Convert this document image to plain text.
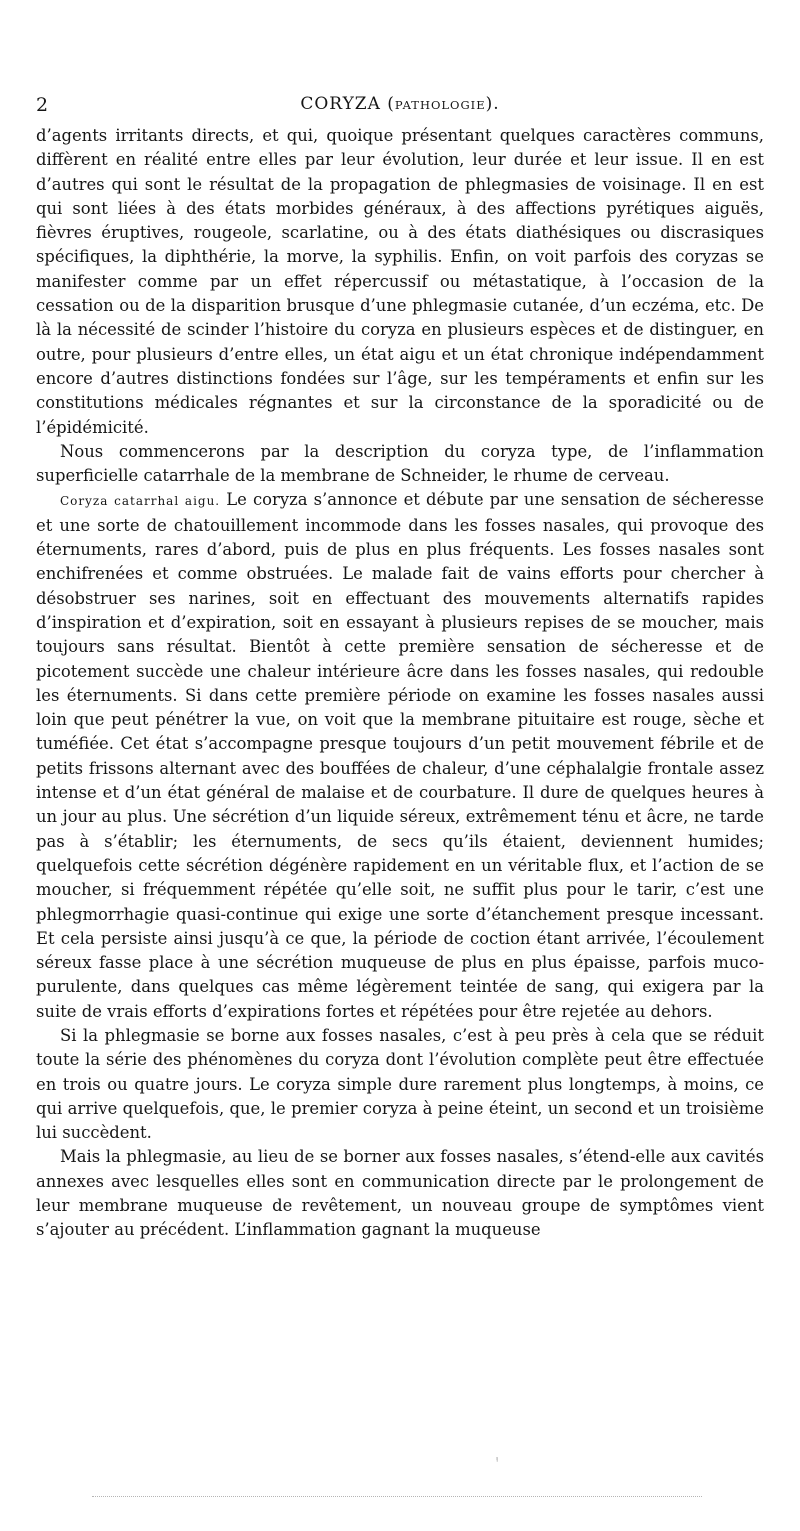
2	CORYZA (PATHOLOGIE).

d’agents irritants directs, et qui, quoique présentant quelques caractères communs, diffèrent en réalité entre elles par leur évolution, leur durée et leur issue. Il en est d’autres qui sont le résultat de la propagation de phlegmasies de voisinage. Il en est qui sont liées à des états morbides généraux, à des affections pyrétiques aiguës, fièvres éruptives, rougeole, scarlatine, ou à des états diathésiques ou discrasiques spécifiques, la diphthérie, la morve, la syphilis. Enfin, on voit parfois des coryzas se manifester comme par un effet répercussif ou métastatique, à l’occasion de la cessation ou de la disparition brusque d’une phlegmasie cutanée, d’un eczéma, etc. De là la nécessité de scinder l’histoire du coryza en plusieurs espèces et de distinguer, en outre, pour plusieurs d’entre elles, un état aigu et un état chronique indépendamment encore d’autres distinctions fondées sur l’âge, sur les tempéraments et enfin sur les constitutions médicales régnantes et sur la circonstance de la sporadicité ou de l’épidémicité.

Nous commencerons par la description du coryza type, de l’inflammation superficielle catarrhale de la membrane de Schneider, le rhume de cerveau.

Coryza catarrhal aigu. Le coryza s’annonce et débute par une sensation de sécheresse et une sorte de chatouillement incommode dans les fosses nasales, qui provoque des éternuments, rares d’abord, puis de plus en plus fréquents. Les fosses nasales sont enchifrenées et comme obstruées. Le malade fait de vains efforts pour chercher à désobstruer ses narines, soit en effectuant des mouvements alternatifs rapides d’inspiration et d’expiration, soit en essayant à plusieurs repises de se moucher, mais toujours sans résultat. Bientôt à cette première sensation de sécheresse et de picotement succède une chaleur intérieure âcre dans les fosses nasales, qui redouble les éternuments. Si dans cette première période on examine les fosses nasales aussi loin que peut pénétrer la vue, on voit que la membrane pituitaire est rouge, sèche et tuméfiée. Cet état s’accompagne presque toujours d’un petit mouvement fébrile et de petits frissons alternant avec des bouffées de chaleur, d’une céphalalgie frontale assez intense et d’un état général de malaise et de courbature. Il dure de quelques heures à un jour au plus. Une sécrétion d’un liquide séreux, extrêmement ténu et âcre, ne tarde pas à s’établir; les éternuments, de secs qu’ils étaient, deviennent humides; quelquefois cette sécrétion dégénère rapidement en un véritable flux, et l’action de se moucher, si fréquemment répétée qu’elle soit, ne suffit plus pour le tarir, c’est une phlegmorrhagie quasi-continue qui exige une sorte d’étanchement presque incessant. Et cela persiste ainsi jusqu’à ce que, la période de coction étant arrivée, l’écoulement séreux fasse place à une sécrétion muqueuse de plus en plus épaisse, parfois muco-purulente, dans quelques cas même légèrement teintée de sang, qui exigera par la suite de vrais efforts d’expirations fortes et répétées pour être rejetée au dehors.

Si la phlegmasie se borne aux fosses nasales, c’est à peu près à cela que se réduit toute la série des phénomènes du coryza dont l’évolution complète peut être effectuée en trois ou quatre jours. Le coryza simple dure rarement plus longtemps, à moins, ce qui arrive quelquefois, que, le premier coryza à peine éteint, un second et un troisième lui succèdent.

Mais la phlegmasie, au lieu de se borner aux fosses nasales, s’étend-elle aux cavités annexes avec lesquelles elles sont en communication directe par le prolongement de leur membrane muqueuse de revêtement, un nouveau groupe de symptômes vient s’ajouter au précédent. L’inflammation gagnant la muqueuse

ᵎ
